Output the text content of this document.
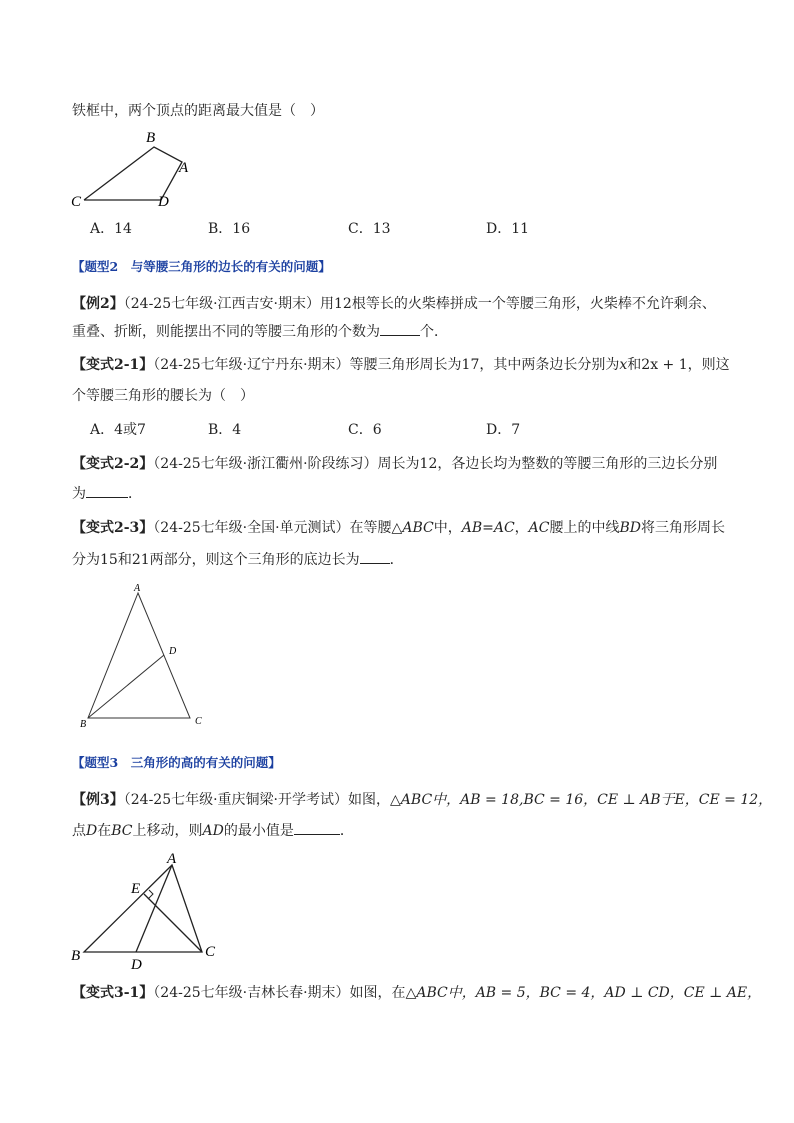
铁框中，两个顶点的距离最大值是（　）
B
A
C	D
A．14	B．16	C．13	D．11
【题型2　与等腰三角形的边长的有关的问题】
【例2】（24-25七年级·江西吉安·期末）用12根等长的火柴棒拼成一个等腰三角形，火柴棒不允许剩余、
重叠、折断，则能摆出不同的等腰三角形的个数为	个．
【变式2-1】（24-25七年级·辽宁丹东·期末）等腰三角形周长为17，其中两条边长分别为x和2x + 1，则这
个等腰三角形的腰长为（　）
A．4或7	B．4	C．6	D．7
【变式2-2】（24-25七年级·浙江衢州·阶段练习）周长为12，各边长均为整数的等腰三角形的三边长分别
为	．
【变式2-3】（24-25七年级·全国·单元测试）在等腰△ABC中，AB=AC，AC腰上的中线BD将三角形周长
分为15和21两部分，则这个三角形的底边长为 ．
A
D
B	C
【题型3　三角形的高的有关的问题】
【例3】（24-25七年级·重庆铜梁·开学考试）如图，△ABC中，AB = 18,BC = 16，CE ⊥ AB于E，CE = 12，
点D在BC上移动，则AD的最小值是	．
A
E
B	C
D
【变式3-1】（24-25七年级·吉林长春·期末）如图，在△ABC中，AB = 5，BC = 4，AD ⊥ CD，CE ⊥ AE，
